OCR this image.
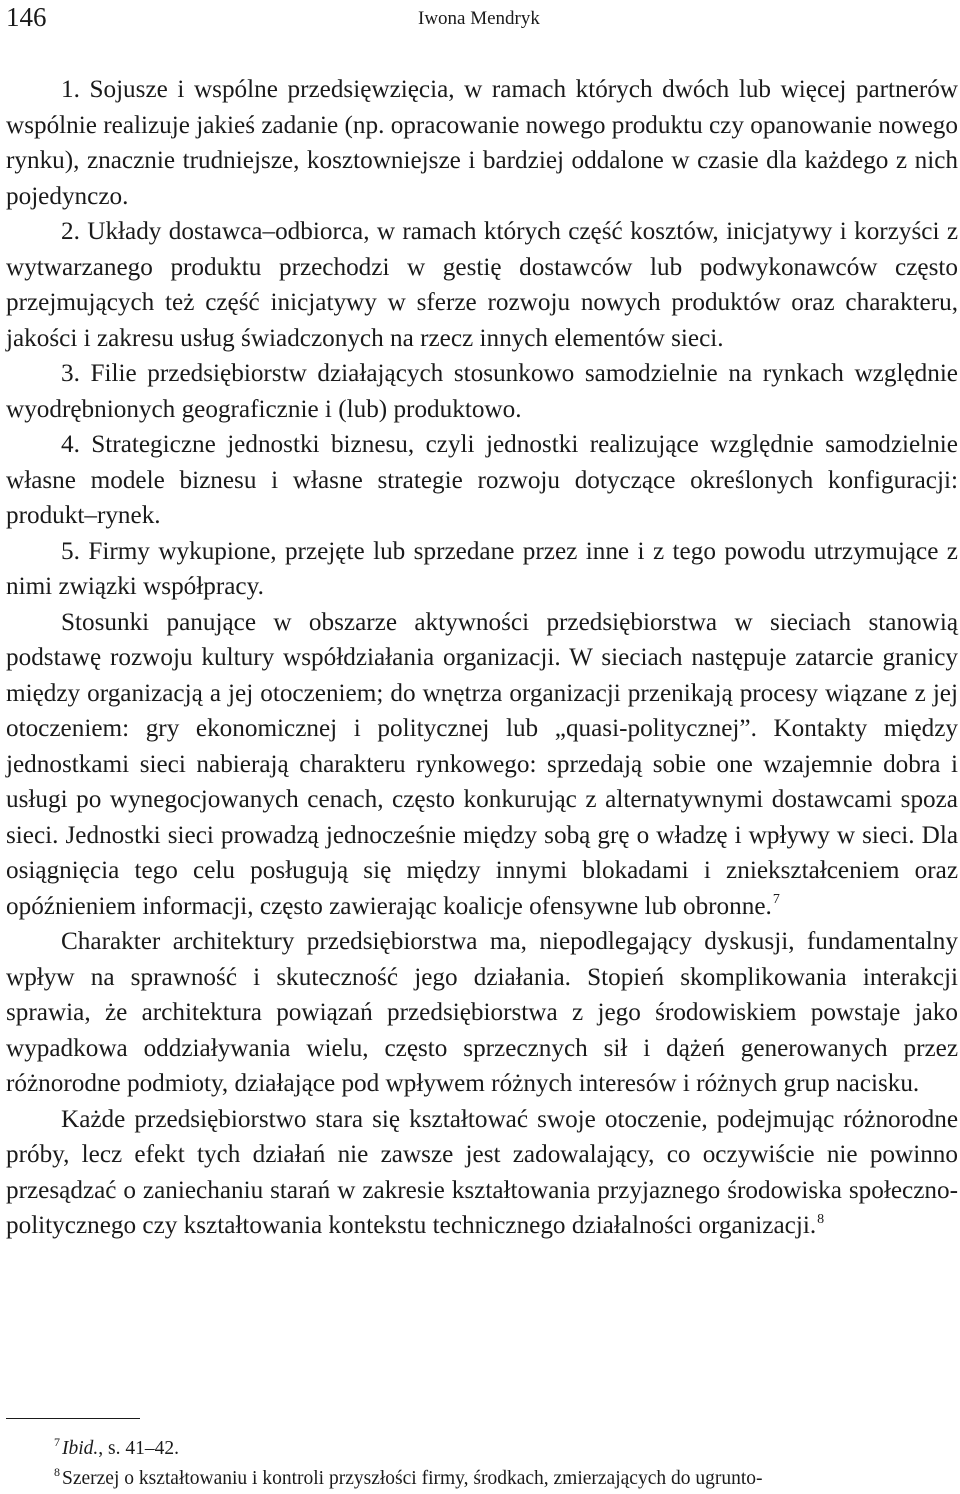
146	Iwona Mendryk

1. Sojusze i wspólne przedsięwzięcia, w ramach których dwóch lub więcej partnerów wspólnie realizuje jakieś zadanie (np. opracowanie nowego produktu czy opanowanie nowego rynku), znacznie trudniejsze, kosztowniejsze i bardziej oddalone w czasie dla każdego z nich pojedynczo.

2. Układy dostawca–odbiorca, w ramach których część kosztów, inicjatywy i korzyści z wytwarzanego produktu przechodzi w gestię dostawców lub podwykonawców często przejmujących też część inicjatywy w sferze rozwoju nowych produktów oraz charakteru, jakości i zakresu usług świadczonych na rzecz innych elementów sieci.

3. Filie przedsiębiorstw działających stosunkowo samodzielnie na rynkach względnie wyodrębnionych geograficznie i (lub) produktowo.

4. Strategiczne jednostki biznesu, czyli jednostki realizujące względnie samodzielnie własne modele biznesu i własne strategie rozwoju dotyczące określonych konfiguracji: produkt–rynek.

5. Firmy wykupione, przejęte lub sprzedane przez inne i z tego powodu utrzymujące z nimi związki współpracy.

Stosunki panujące w obszarze aktywności przedsiębiorstwa w sieciach stanowią podstawę rozwoju kultury współdziałania organizacji. W sieciach następuje zatarcie granicy między organizacją a jej otoczeniem; do wnętrza organizacji przenikają procesy wiązane z jej otoczeniem: gry ekonomicznej i politycznej lub „quasi-politycznej”. Kontakty między jednostkami sieci nabierają charakteru rynkowego: sprzedają sobie one wzajemnie dobra i usługi po wynegocjowanych cenach, często konkurując z alternatywnymi dostawcami spoza sieci. Jednostki sieci prowadzą jednocześnie między sobą grę o władzę i wpływy w sieci. Dla osiągnięcia tego celu posługują się między innymi blokadami i zniekształceniem oraz opóźnieniem informacji, często zawierając koalicje ofensywne lub obronne.$^7$

Charakter architektury przedsiębiorstwa ma, niepodlegający dyskusji, fundamentalny wpływ na sprawność i skuteczność jego działania. Stopień skomplikowania interakcji sprawia, że architektura powiązań przedsiębiorstwa z jego środowiskiem powstaje jako wypadkowa oddziaływania wielu, często sprzecznych sił i dążeń generowanych przez różnorodne podmioty, działające pod wpływem różnych interesów i różnych grup nacisku.

Każde przedsiębiorstwo stara się kształtować swoje otoczenie, podejmując różnorodne próby, lecz efekt tych działań nie zawsze jest zadowalający, co oczywiście nie powinno przesądzać o zaniechaniu starań w zakresie kształtowania przyjaznego środowiska społeczno-politycznego czy kształtowania kontekstu technicznego działalności organizacji.$^8$

$^7$ Ibid., s. 41–42.

$^8$ Szerzej o kształtowaniu i kontroli przyszłości firmy, środkach, zmierzających do ugrunto-
